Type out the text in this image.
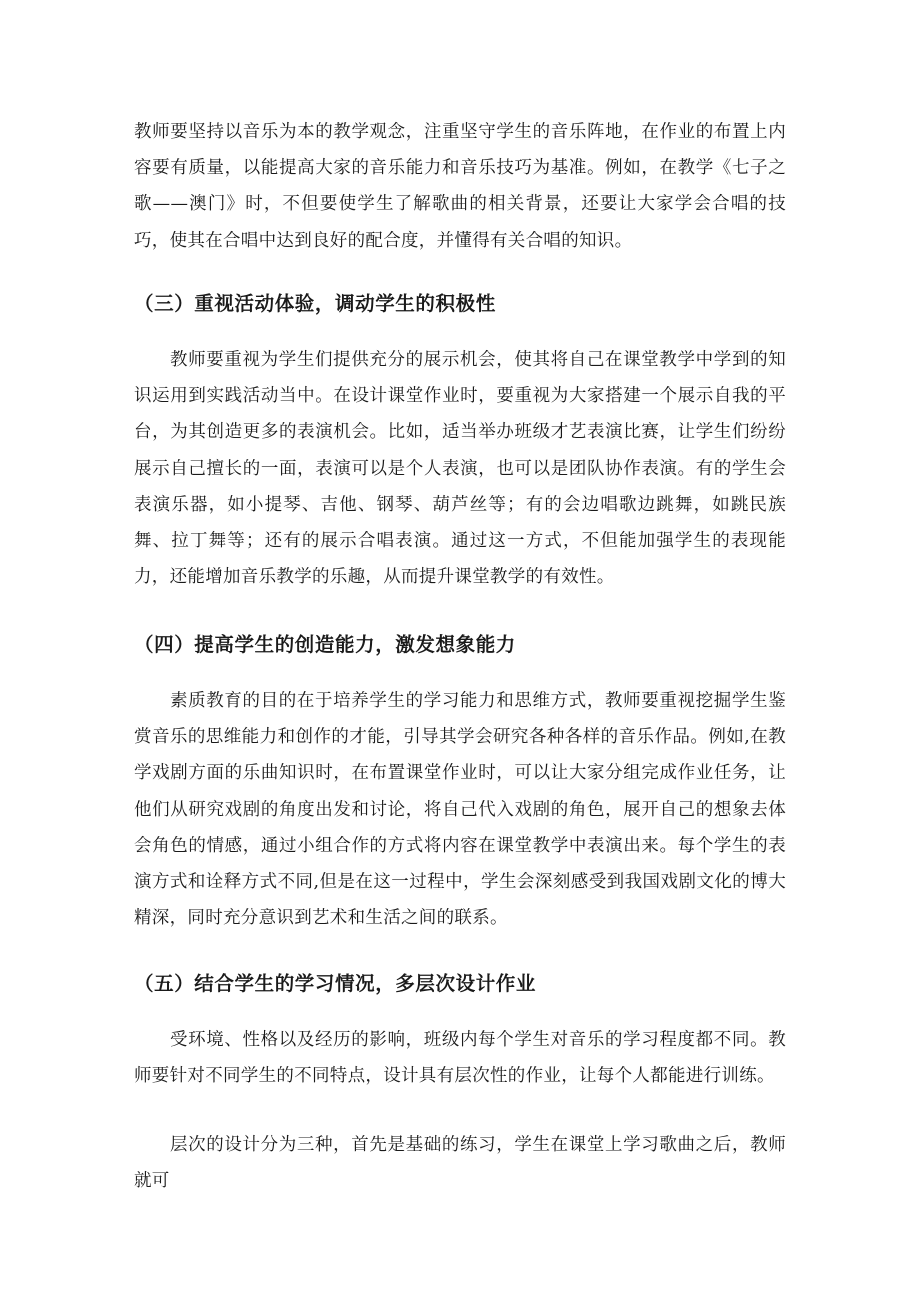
教师要坚持以音乐为本的教学观念，注重坚守学生的音乐阵地，在作业的布置上内容要有质量，以能提高大家的音乐能力和音乐技巧为基准。例如，在教学《七子之歌——澳门》时，不但要使学生了解歌曲的相关背景，还要让大家学会合唱的技巧，使其在合唱中达到良好的配合度，并懂得有关合唱的知识。

（三）重视活动体验，调动学生的积极性

教师要重视为学生们提供充分的展示机会，使其将自己在课堂教学中学到的知识运用到实践活动当中。在设计课堂作业时，要重视为大家搭建一个展示自我的平台，为其创造更多的表演机会。比如，适当举办班级才艺表演比赛，让学生们纷纷展示自己擅长的一面，表演可以是个人表演，也可以是团队协作表演。有的学生会表演乐器，如小提琴、吉他、钢琴、葫芦丝等；有的会边唱歌边跳舞，如跳民族舞、拉丁舞等；还有的展示合唱表演。通过这一方式，不但能加强学生的表现能力，还能增加音乐教学的乐趣，从而提升课堂教学的有效性。

（四）提高学生的创造能力，激发想象能力

素质教育的目的在于培养学生的学习能力和思维方式，教师要重视挖掘学生鉴赏音乐的思维能力和创作的才能，引导其学会研究各种各样的音乐作品。例如,在教学戏剧方面的乐曲知识时，在布置课堂作业时，可以让大家分组完成作业任务，让他们从研究戏剧的角度出发和讨论，将自己代入戏剧的角色，展开自己的想象去体会角色的情感，通过小组合作的方式将内容在课堂教学中表演出来。每个学生的表演方式和诠释方式不同,但是在这一过程中，学生会深刻感受到我国戏剧文化的博大精深，同时充分意识到艺术和生活之间的联系。

（五）结合学生的学习情况，多层次设计作业

受环境、性格以及经历的影响，班级内每个学生对音乐的学习程度都不同。教师要针对不同学生的不同特点，设计具有层次性的作业，让每个人都能进行训练。

层次的设计分为三种，首先是基础的练习，学生在课堂上学习歌曲之后，教师就可
